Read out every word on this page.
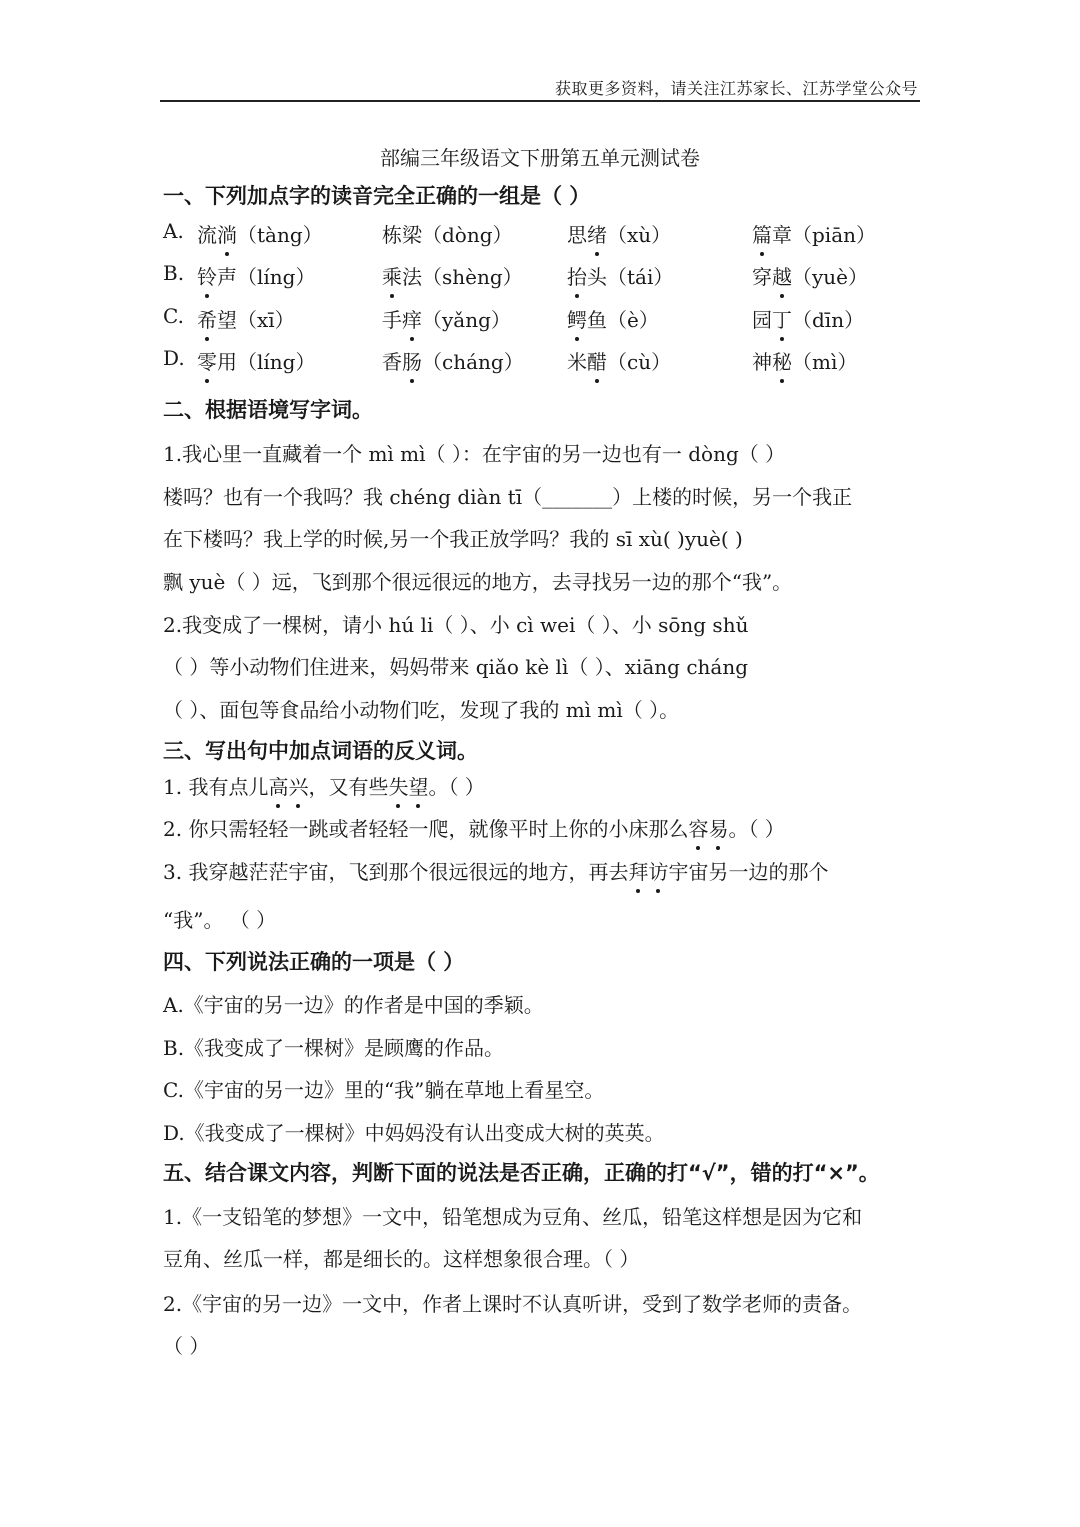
获取更多资料，请关注江苏家长、江苏学堂公众号
部编三年级语文下册第五单元测试卷
一、下列加点字的读音完全正确的一组是（ ）
A. 流淌（tàng）	栋梁（dòng）	思绪（xù）	篇章（piān）
B. 铃声（líng）	乘法（shèng） 抬头（tái）	穿越（yuè）
C. 希望（xī）	手痒（yǎng）	鳄鱼（è）	园丁（dīn）
D. 零用（líng）	香肠（cháng） 米醋（cù）	神秘（mì）
二、根据语境写字词。
1.我心里一直藏着一个 mì mì（ ）：在宇宙的另一边也有一 dòng（ ）
楼吗？也有一个我吗？我 chéng diàn tī（_______）上楼的时候，另一个我正
在下楼吗？我上学的时候,另一个我正放学吗？我的 sī xù( )yuè( )
飘 yuè（ ）远，飞到那个很远很远的地方，去寻找另一边的那个“我”。
2.我变成了一棵树，请小 hú li（ ）、小 cì wei（ ）、小 sōng shǔ
（ ）等小动物们住进来，妈妈带来 qiǎo kè lì（ ）、xiāng cháng
（ ）、面包等食品给小动物们吃，发现了我的 mì mì（ ）。
三、写出句中加点词语的反义词。
1. 我有点儿高兴，又有些失望。（ ）
2. 你只需轻轻一跳或者轻轻一爬，就像平时上你的小床那么容易。（ ）
3. 我穿越茫茫宇宙，飞到那个很远很远的地方，再去拜访宇宙另一边的那个
“我”。 （ ）
四、下列说法正确的一项是（ ）
A.《宇宙的另一边》的作者是中国的季颖。
B.《我变成了一棵树》是顾鹰的作品。
C.《宇宙的另一边》里的“我”躺在草地上看星空。
D.《我变成了一棵树》中妈妈没有认出变成大树的英英。
五、结合课文内容，判断下面的说法是否正确，正确的打“√”，错的打“×”。
1.《一支铅笔的梦想》一文中，铅笔想成为豆角、丝瓜，铅笔这样想是因为它和
豆角、丝瓜一样，都是细长的。这样想象很合理。（ ）
2.《宇宙的另一边》一文中，作者上课时不认真听讲，受到了数学老师的责备。
（ ）
